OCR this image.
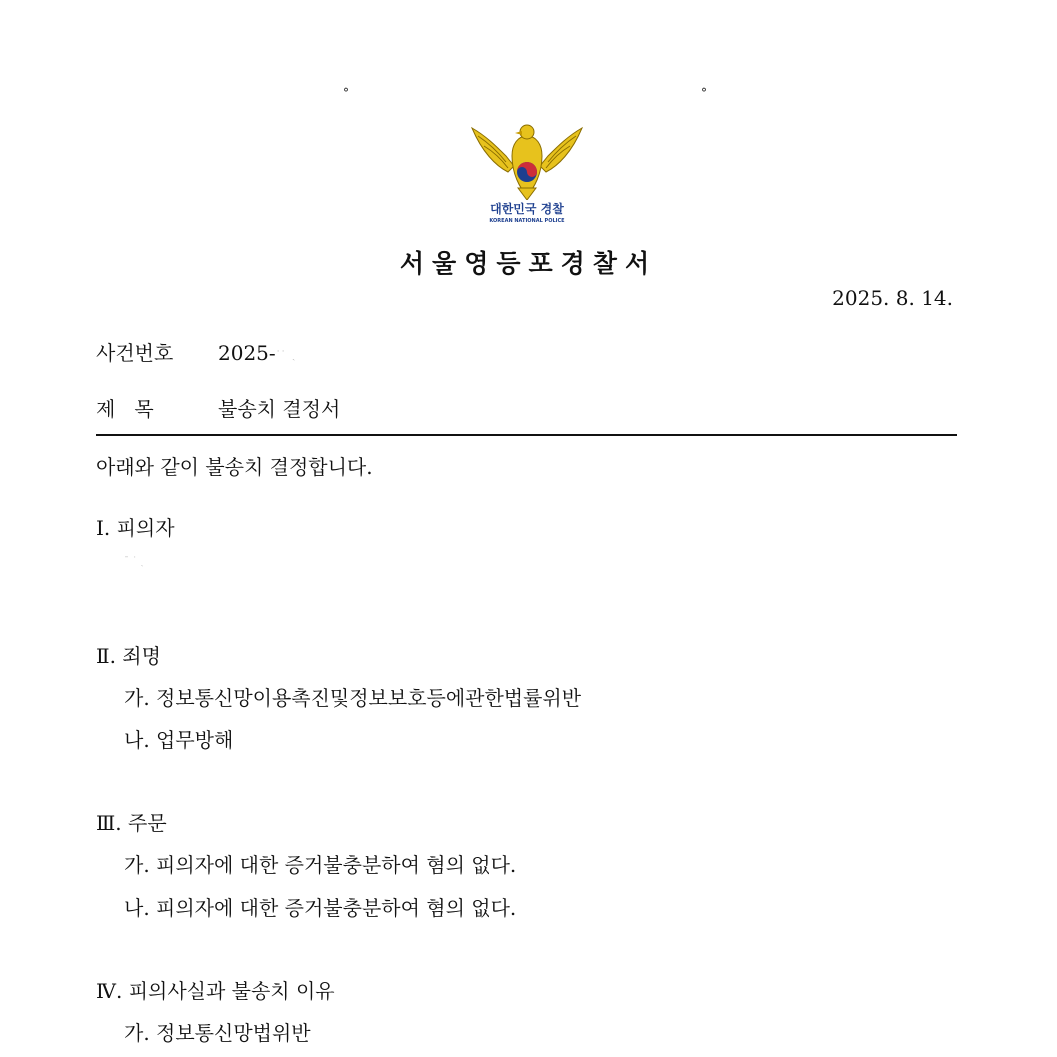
°	°
대한민국 경찰
KOREAN NATIONAL POLICE
서울영등포경찰서
2025. 8. 14.
사건번호 2025-˙˙  ˏ
제   목	불송치 결정서
아래와 같이 불송치 결정합니다.
Ⅰ. 피의자
ˉ ˙ ˏ
Ⅱ. 죄명
가. 정보통신망이용촉진및정보보호등에관한법률위반
나. 업무방해
Ⅲ. 주문
가. 피의자에 대한 증거불충분하여 혐의 없다.
나. 피의자에 대한 증거불충분하여 혐의 없다.
Ⅳ. 피의사실과 불송치 이유
가. 정보통신망법위반
